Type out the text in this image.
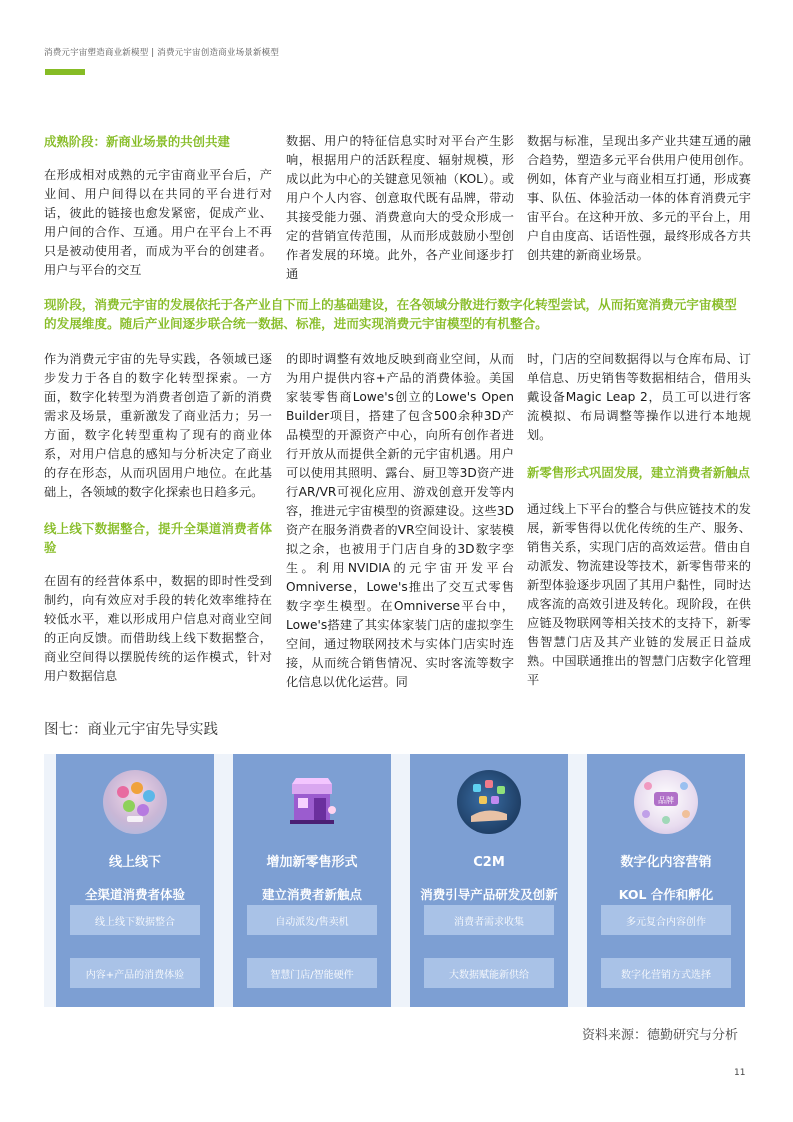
消费元宇宙塑造商业新模型 | 消费元宇宙创造商业场景新模型
成熟阶段：新商业场景的共创共建

在形成相对成熟的元宇宙商业平台后，产业间、用户间得以在共同的平台进行对话，彼此的链接也愈发紧密，促成产业、用户间的合作、互通。用户在平台上不再只是被动使用者，而成为平台的创建者。用户与平台的交互

数据、用户的特征信息实时对平台产生影响，根据用户的活跃程度、辐射规模，形成以此为中心的关键意见领袖（KOL）。或用户个人内容、创意取代既有品牌，带动其接受能力强、消费意向大的受众形成一定的营销宣传范围，从而形成鼓励小型创作者发展的环境。此外，各产业间逐步打通

数据与标准，呈现出多产业共建互通的融合趋势，塑造多元平台供用户使用创作。例如，体育产业与商业相互打通，形成赛事、队伍、体验活动一体的体育消费元宇宙平台。在这种开放、多元的平台上，用户自由度高、话语性强，最终形成各方共创共建的新商业场景。

现阶段，消费元宇宙的发展依托于各产业自下而上的基础建设，在各领域分散进行数字化转型尝试，从而拓宽消费元宇宙模型的发展维度。随后产业间逐步联合统一数据、标准，进而实现消费元宇宙模型的有机整合。

作为消费元宇宙的先导实践，各领域已逐步发力于各自的数字化转型探索。一方面，数字化转型为消费者创造了新的消费需求及场景，重新激发了商业活力；另一方面，数字化转型重构了现有的商业体系，对用户信息的感知与分析决定了商业的存在形态，从而巩固用户地位。在此基础上，各领域的数字化探索也日趋多元。

线上线下数据整合，提升全渠道消费者体验

在固有的经营体系中，数据的即时性受到制约，向有效应对手段的转化效率维持在较低水平，难以形成用户信息对商业空间的正向反馈。而借助线上线下数据整合，商业空间得以摆脱传统的运作模式，针对用户数据信息

的即时调整有效地反映到商业空间，从而为用户提供内容+产品的消费体验。美国家装零售商Lowe's创立的Lowe's Open Builder项目，搭建了包含500余种3D产品模型的开源资产中心，向所有创作者进行开放从而提供全新的元宇宙机遇。用户可以使用其照明、露台、厨卫等3D资产进行AR/VR可视化应用、游戏创意开发等内容，推进元宇宙模型的资源建设。这些3D资产在服务消费者的VR空间设计、家装模拟之余，也被用于门店自身的3D数字孪生。利用NVIDIA的元宇宙开发平台Omniverse，Lowe's推出了交互式零售数字孪生模型。在Omniverse平台中，Lowe's搭建了其实体家装门店的虚拟孪生空间，通过物联网技术与实体门店实时连接，从而统合销售情况、实时客流等数字化信息以优化运营。同

时，门店的空间数据得以与仓库布局、订单信息、历史销售等数据相结合，借用头戴设备Magic Leap 2，员工可以进行客流模拟、布局调整等操作以进行本地规划。

新零售形式巩固发展，建立消费者新触点

通过线上下平台的整合与供应链技术的发展，新零售得以优化传统的生产、服务、销售关系，实现门店的高效运营。借由自动派发、物流建设等技术，新零售带来的新型体验逐步巩固了其用户黏性，同时达成客流的高效引进及转化。现阶段，在供应链及物联网等相关技术的支持下，新零售智慧门店及其产业链的发展正日益成熟。中国联通推出的智慧门店数字化管理平

图七：商业元宇宙先导实践
线上线下
全渠道消费者体验
线上线下数据整合
内容+产品的消费体验
增加新零售形式
建立消费者新触点
自动派发/售卖机
智慧门店/智能硬件
C2M
消费引导产品研发及创新
消费者需求收集
大数据赋能新供给
品牌
数字化内容营销
KOL 合作和孵化
多元复合内容创作
数字化营销方式选择
资料来源：德勤研究与分析
11
